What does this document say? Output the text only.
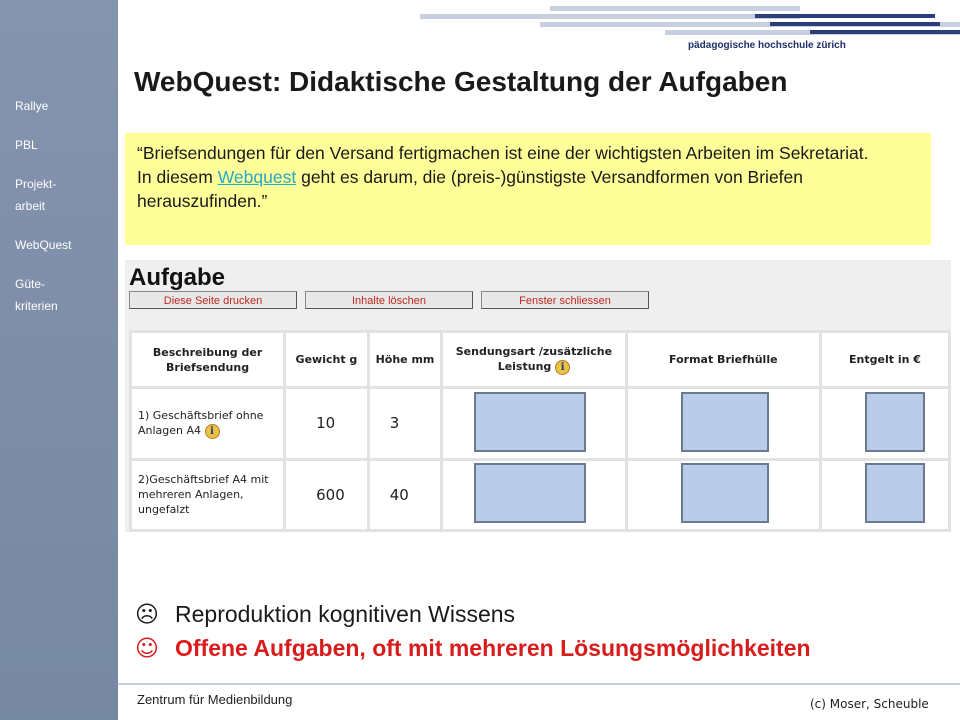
Rallye
PBL
Projekt-
arbeit
WebQuest
Güte-
kriterien
pädagogische hochschule zürich
WebQuest: Didaktische Gestaltung der Aufgaben
“Briefsendungen für den Versand fertigmachen ist eine der wichtigsten Arbeiten im Sekretariat.
In diesem Webquest geht es darum, die (preis-)günstigste Versandformen von Briefen herauszufinden.”
Aufgabe
Diese Seite drucken	Inhalte löschen	Fenster schliessen
Beschreibung der Briefsendung	Gewicht g	Höhe mm	Sendungsart /zusätzliche Leistung i	Format Briefhülle	Entgelt in €
1) Geschäftsbrief ohne Anlagen A4 i	10	3			
2)Geschäftsbrief A4 mit mehreren Anlagen, ungefalzt	600	40			
☹ Reproduktion kognitiven Wissens
☺ Offene Aufgaben, oft mit mehreren Lösungsmöglichkeiten
Zentrum für Medienbildung	(c) Moser, Scheuble
